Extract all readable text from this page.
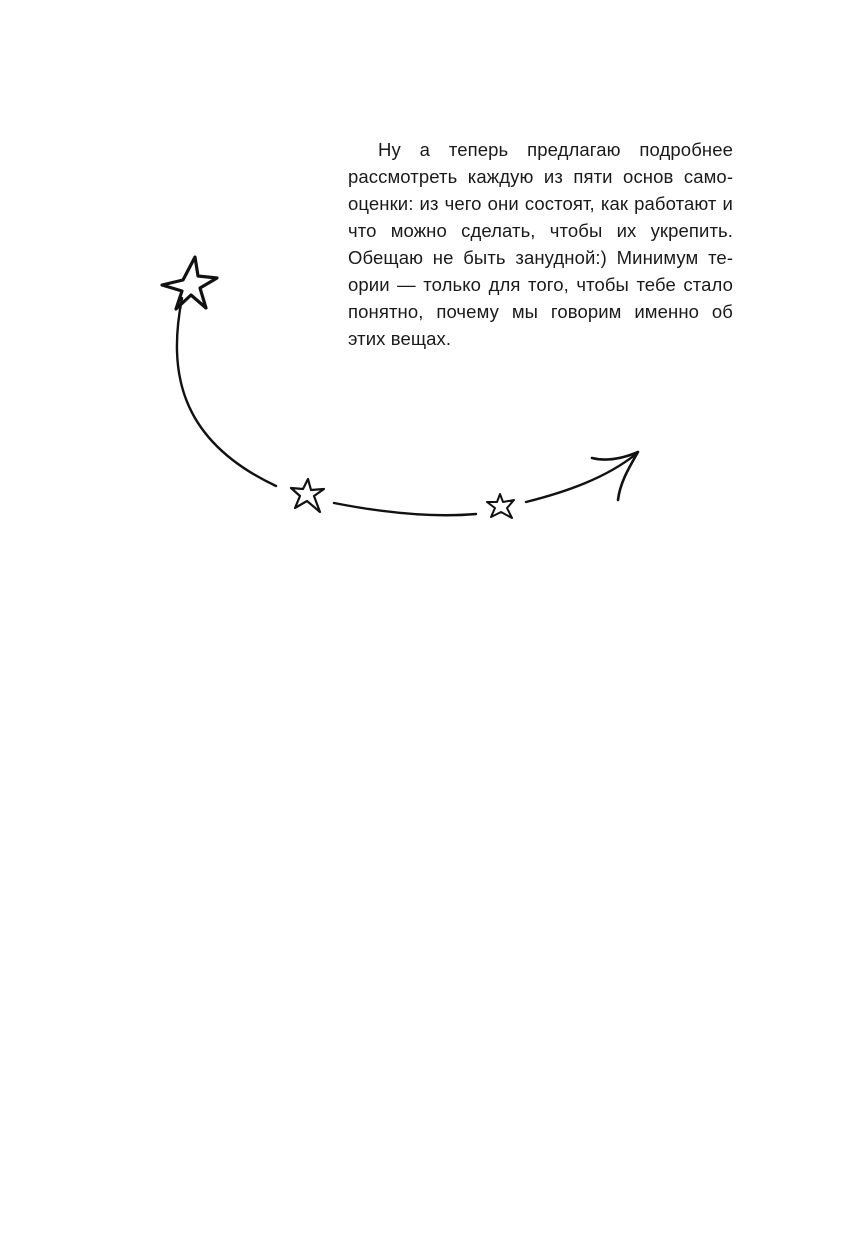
Ну а теперь предлагаю подробнее рассмотреть каждую из пяти основ самооценки: из чего они состоят, как работают и что можно сделать, чтобы их укрепить. Обещаю не быть занудной:) Минимум теории — только для того, чтобы тебе стало понятно, почему мы говорим именно об этих вещах.
